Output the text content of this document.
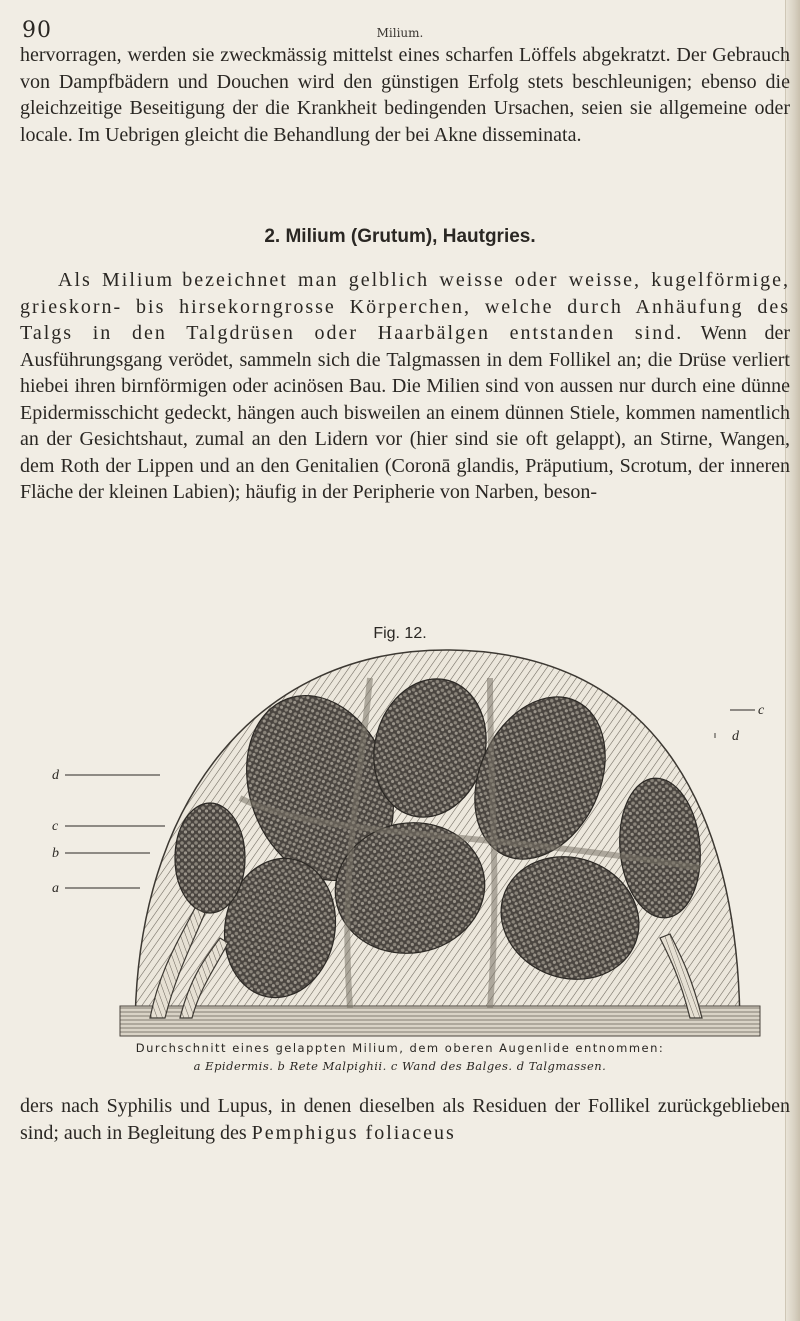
90	Milium.

hervorragen, werden sie zweckmässig mittelst eines scharfen Löffels abgekratzt. Der Gebrauch von Dampfbädern und Douchen wird den günstigen Erfolg stets beschleunigen; ebenso die gleichzeitige Beseitigung der die Krankheit bedingenden Ursachen, seien sie allgemeine oder locale. Im Uebrigen gleicht die Behandlung der bei Akne disseminata.

2. Milium (Grutum), Hautgries.

Als Milium bezeichnet man gelblich weisse oder weisse, kugelförmige, grieskorn- bis hirsekorngrosse Körperchen, welche durch Anhäufung des Talgs in den Talgdrüsen oder Haarbälgen entstanden sind. Wenn der Ausführungsgang verödet, sammeln sich die Talgmassen in dem Follikel an; die Drüse verliert hiebei ihren birnförmigen oder acinösen Bau. Die Milien sind von aussen nur durch eine dünne Epidermisschicht gedeckt, hängen auch bisweilen an einem dünnen Stiele, kommen namentlich an der Gesichtshaut, zumal an den Lidern vor (hier sind sie oft gelappt), an Stirne, Wangen, dem Roth der Lippen und an den Genitalien (Coronā glandis, Präputium, Scrotum, der inneren Fläche der kleinen Labien); häufig in der Peripherie von Narben, beson-

Fig. 12.
d
c
b
a
c
d
Durchschnitt eines gelappten Milium, dem oberen Augenlide entnommen:
a Epidermis. b Rete Malpighii. c Wand des Balges. d Talgmassen.

ders nach Syphilis und Lupus, in denen dieselben als Residuen der Follikel zurückgeblieben sind; auch in Begleitung des Pemphigus foliaceus
